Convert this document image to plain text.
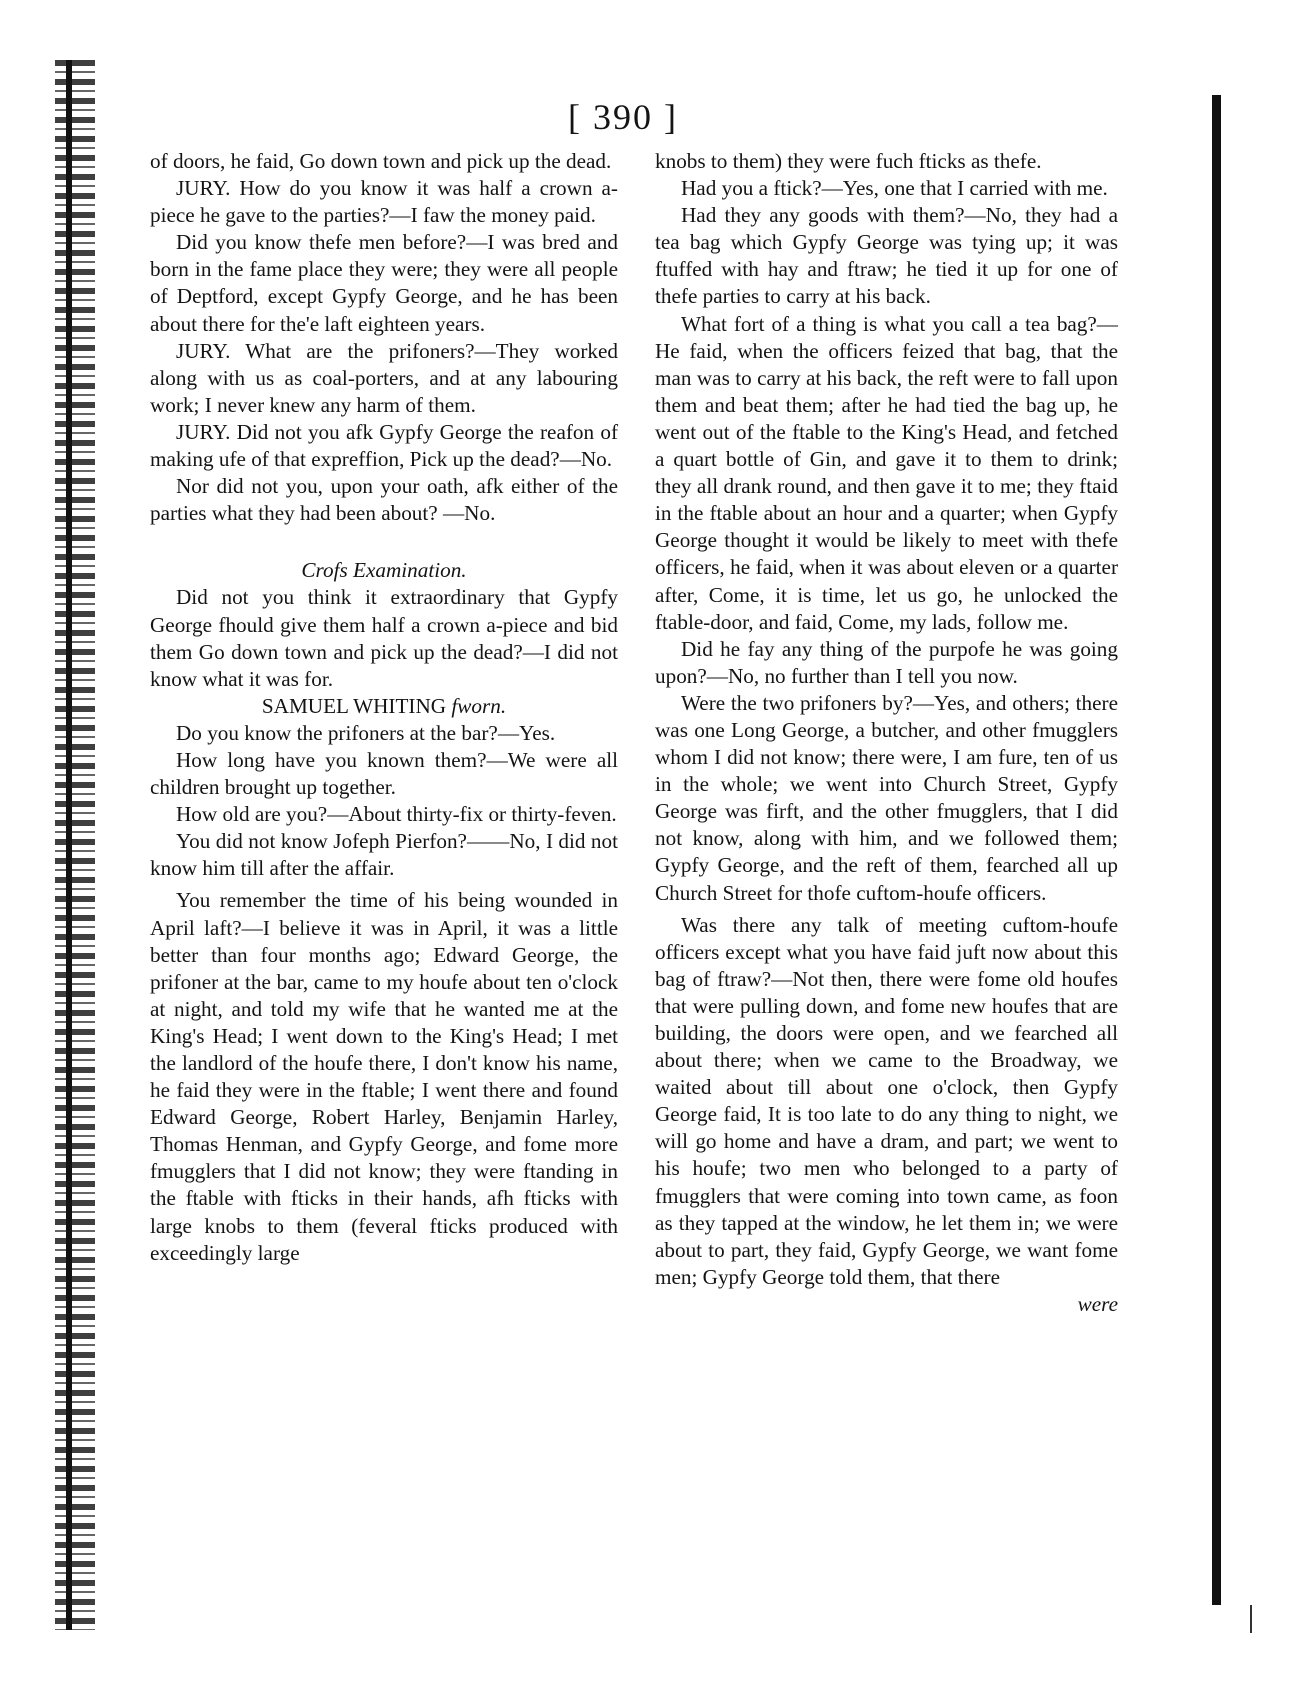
[ 390 ]

of doors, he faid, Go down town and pick up the dead.

JURY. How do you know it was half a crown a-piece he gave to the parties?—I faw the money paid.

Did you know thefe men before?—I was bred and born in the fame place they were; they were all people of Deptford, except Gypfy George, and he has been about there for the'e laft eighteen years.

JURY. What are the prifoners?—They worked along with us as coal-porters, and at any labouring work; I never knew any harm of them.

JURY. Did not you afk Gypfy George the reafon of making ufe of that expreffion, Pick up the dead?—No.

Nor did not you, upon your oath, afk either of the parties what they had been about? —No.

Crofs Examination.

Did not you think it extraordinary that Gypfy George fhould give them half a crown a-piece and bid them Go down town and pick up the dead?—I did not know what it was for.

SAMUEL WHITING fworn.

Do you know the prifoners at the bar?—Yes.

How long have you known them?—We were all children brought up together.

How old are you?—About thirty-fix or thirty-feven.

You did not know Jofeph Pierfon?——No, I did not know him till after the affair.

You remember the time of his being wounded in April laft?—I believe it was in April, it was a little better than four months ago; Edward George, the prifoner at the bar, came to my houfe about ten o'clock at night, and told my wife that he wanted me at the King's Head; I went down to the King's Head; I met the landlord of the houfe there, I don't know his name, he faid they were in the ftable; I went there and found Edward George, Robert Harley, Benjamin Harley, Thomas Henman, and Gypfy George, and fome more fmugglers that I did not know; they were ftanding in the ftable with fticks in their hands, afh fticks with large knobs to them (feveral fticks produced with exceedingly large

knobs to them) they were fuch fticks as thefe.

Had you a ftick?—Yes, one that I carried with me.

Had they any goods with them?—No, they had a tea bag which Gypfy George was tying up; it was ftuffed with hay and ftraw; he tied it up for one of thefe parties to carry at his back.

What fort of a thing is what you call a tea bag?—He faid, when the officers feized that bag, that the man was to carry at his back, the reft were to fall upon them and beat them; after he had tied the bag up, he went out of the ftable to the King's Head, and fetched a quart bottle of Gin, and gave it to them to drink; they all drank round, and then gave it to me; they ftaid in the ftable about an hour and a quarter; when Gypfy George thought it would be likely to meet with thefe officers, he faid, when it was about eleven or a quarter after, Come, it is time, let us go, he unlocked the ftable-door, and faid, Come, my lads, follow me.

Did he fay any thing of the purpofe he was going upon?—No, no further than I tell you now.

Were the two prifoners by?—Yes, and others; there was one Long George, a butcher, and other fmugglers whom I did not know; there were, I am fure, ten of us in the whole; we went into Church Street, Gypfy George was firft, and the other fmugglers, that I did not know, along with him, and we followed them; Gypfy George, and the reft of them, fearched all up Church Street for thofe cuftom-houfe officers.

Was there any talk of meeting cuftom-houfe officers except what you have faid juft now about this bag of ftraw?—Not then, there were fome old houfes that were pulling down, and fome new houfes that are building, the doors were open, and we fearched all about there; when we came to the Broadway, we waited about till about one o'clock, then Gypfy George faid, It is too late to do any thing to night, we will go home and have a dram, and part; we went to his houfe; two men who belonged to a party of fmugglers that were coming into town came, as foon as they tapped at the window, he let them in; we were about to part, they faid, Gypfy George, we want fome men; Gypfy George told them, that there

were
